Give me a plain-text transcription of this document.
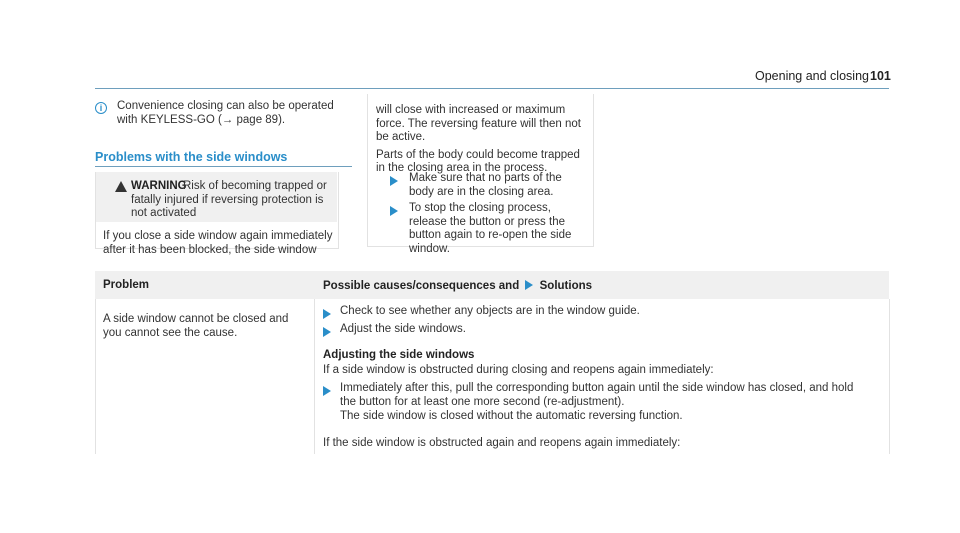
Opening and closing 101
i	Convenience closing can also be operated with KEYLESS-GO (→ page 89).
Problems with the side windows
WARNING
Risk of becoming trapped or fatally injured if reversing protection is not activated
If you close a side window again immediately after it has been blocked, the side window

will close with increased or maximum force. The reversing feature will then not be active.

Parts of the body could become trapped in the closing area in the process.

Make sure that no parts of the body are in the closing area.
To stop the closing process, release the button or press the button again to re-open the side window.
Problem	Possible causes/consequences and Solutions
A side window cannot be closed and you cannot see the cause.
Check to see whether any objects are in the window guide.
Adjust the side windows.
Adjusting the side windows
If a side window is obstructed during closing and reopens again immediately:
Immediately after this, pull the corresponding button again until the side window has closed, and hold
the button for at least one more second (re-adjustment).
The side window is closed without the automatic reversing function.
If the side window is obstructed again and reopens again immediately:
